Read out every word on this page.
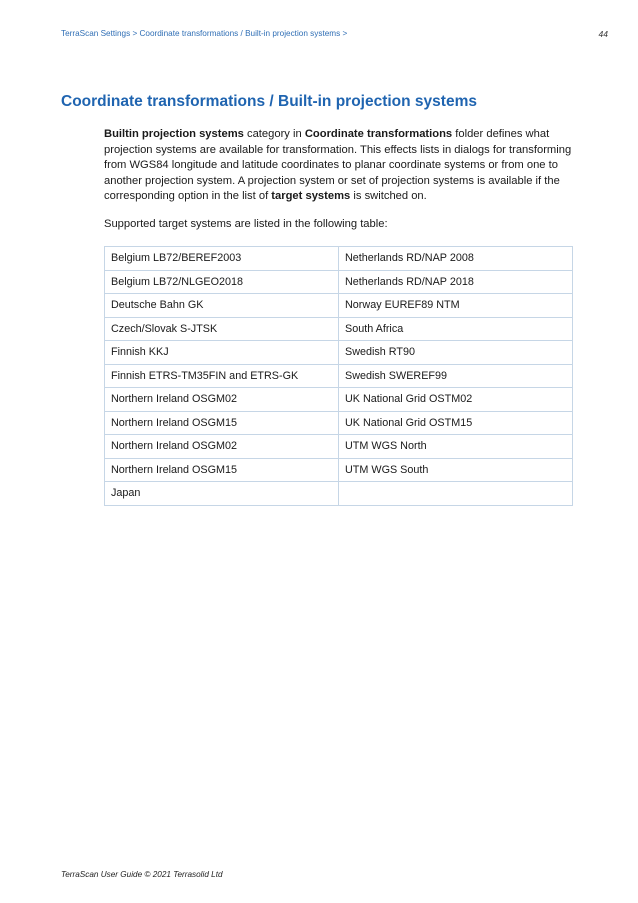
TerraScan Settings > Coordinate transformations / Built-in projection systems >	44
Coordinate transformations / Built-in projection systems

Builtin projection systems category in Coordinate transformations folder defines what projection systems are available for transformation. This effects lists in dialogs for transforming from WGS84 longitude and latitude coordinates to planar coordinate systems or from one to another projection system. A projection system or set of projection systems is available if the corresponding option in the list of target systems is switched on.

Supported target systems are listed in the following table:

Belgium LB72/BEREF2003	Netherlands RD/NAP 2008
Belgium LB72/NLGEO2018	Netherlands RD/NAP 2018
Deutsche Bahn GK	Norway EUREF89 NTM
Czech/Slovak S-JTSK	South Africa
Finnish KKJ	Swedish RT90
Finnish ETRS-TM35FIN and ETRS-GK	Swedish SWEREF99
Northern Ireland OSGM02	UK National Grid OSTM02
Northern Ireland OSGM15	UK National Grid OSTM15
Northern Ireland OSGM02	UTM WGS North
Northern Ireland OSGM15	UTM WGS South
Japan	
TerraScan User Guide © 2021 Terrasolid Ltd
